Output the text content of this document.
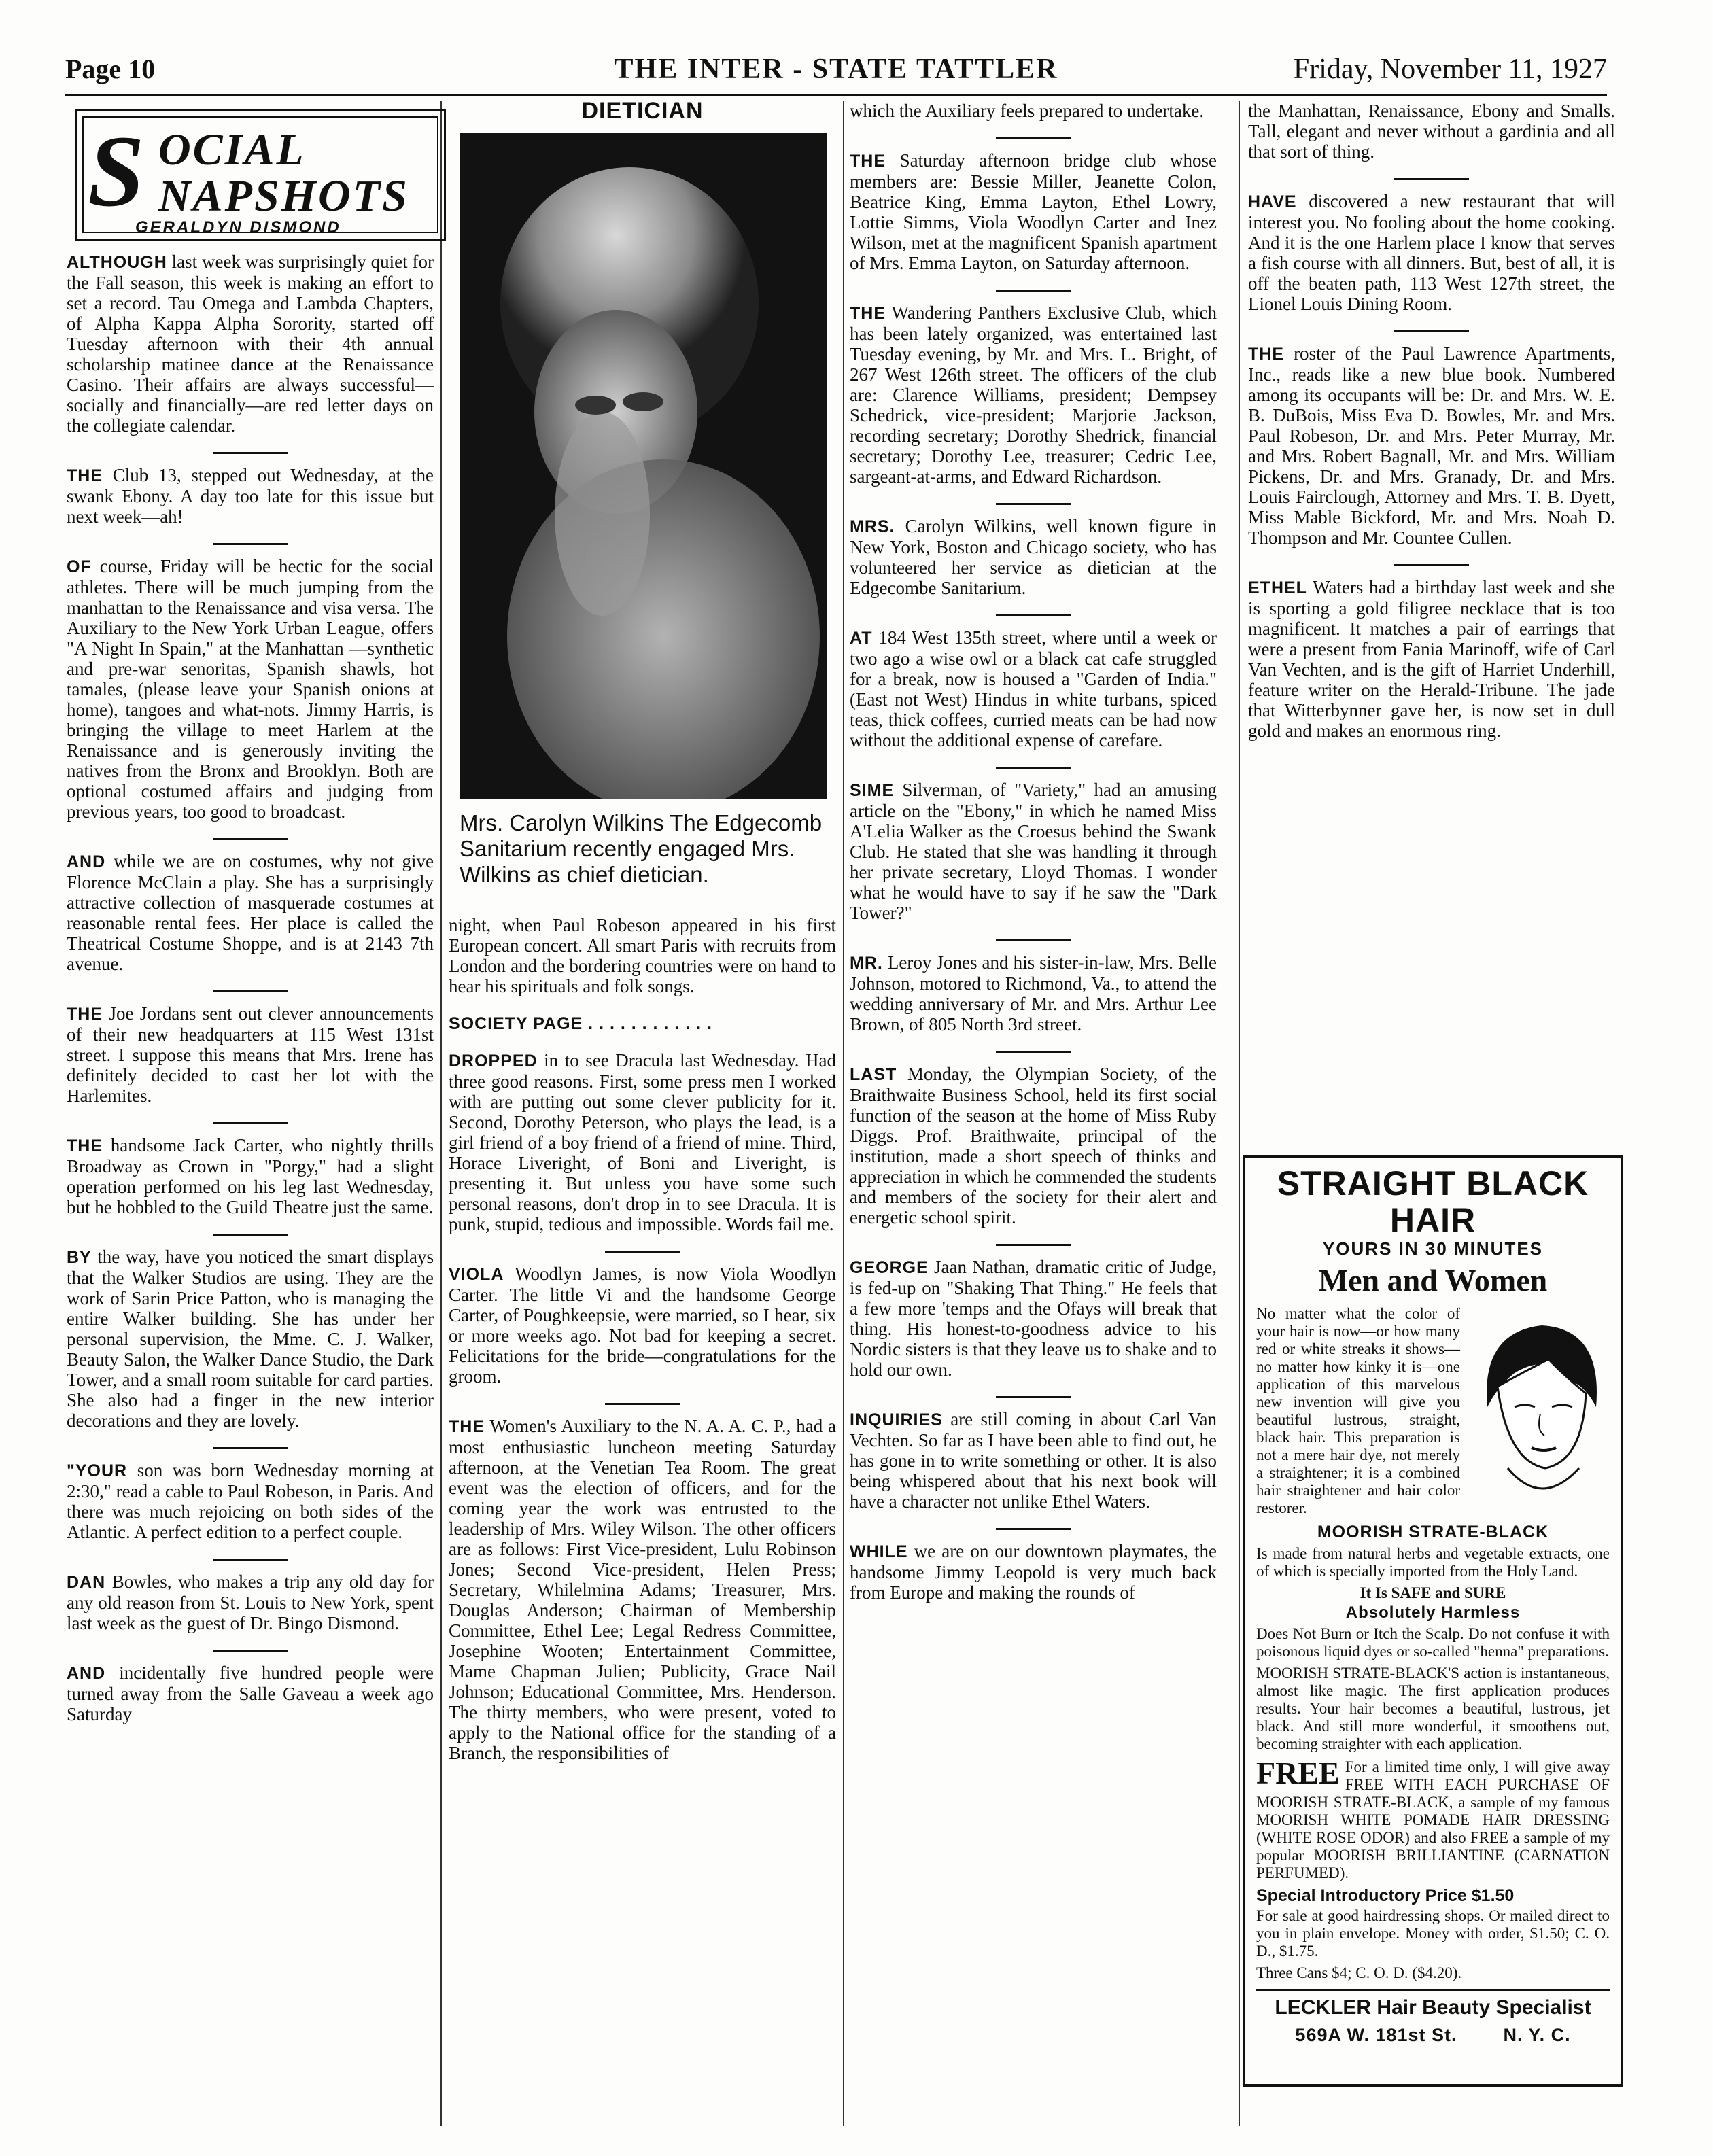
Page 10	THE INTER - STATE TATTLER	Friday, November 11, 1927
S OCIAL
NAPSHOTS
GERALDYN DISMOND

ALTHOUGH last week was surprisingly quiet for the Fall season, this week is making an effort to set a record. Tau Omega and Lambda Chapters, of Alpha Kappa Alpha Sorority, started off Tuesday afternoon with their 4th annual scholarship matinee dance at the Renaissance Casino. Their affairs are always successful—socially and financially—are red letter days on the collegiate calendar.

THE Club 13, stepped out Wednesday, at the swank Ebony. A day too late for this issue but next week—ah!

OF course, Friday will be hectic for the social athletes. There will be much jumping from the manhattan to the Renaissance and visa versa. The Auxiliary to the New York Urban League, offers "A Night In Spain," at the Manhattan —synthetic and pre-war senoritas, Spanish shawls, hot tamales, (please leave your Spanish onions at home), tangoes and what-nots. Jimmy Harris, is bringing the village to meet Harlem at the Renaissance and is generously inviting the natives from the Bronx and Brooklyn. Both are optional costumed affairs and judging from previous years, too good to broadcast.

AND while we are on costumes, why not give Florence McClain a play. She has a surprisingly attractive collection of masquerade costumes at reasonable rental fees. Her place is called the Theatrical Costume Shoppe, and is at 2143 7th avenue.

THE Joe Jordans sent out clever announcements of their new headquarters at 115 West 131st street. I suppose this means that Mrs. Irene has definitely decided to cast her lot with the Harlemites.

THE handsome Jack Carter, who nightly thrills Broadway as Crown in "Porgy," had a slight operation performed on his leg last Wednesday, but he hobbled to the Guild Theatre just the same.

BY the way, have you noticed the smart displays that the Walker Studios are using. They are the work of Sarin Price Patton, who is managing the entire Walker building. She has under her personal supervision, the Mme. C. J. Walker, Beauty Salon, the Walker Dance Studio, the Dark Tower, and a small room suitable for card parties. She also had a finger in the new interior decorations and they are lovely.

"YOUR son was born Wednesday morning at 2:30," read a cable to Paul Robeson, in Paris. And there was much rejoicing on both sides of the Atlantic. A perfect edition to a perfect couple.

DAN Bowles, who makes a trip any old day for any old reason from St. Louis to New York, spent last week as the guest of Dr. Bingo Dismond.

AND incidentally five hundred people were turned away from the Salle Gaveau a week ago Saturday

DIETICIAN
Mrs. Carolyn Wilkins The Edgecomb Sanitarium recently engaged Mrs. Wilkins as chief dietician.

night, when Paul Robeson appeared in his first European concert. All smart Paris with recruits from London and the bordering countries were on hand to hear his spirituals and folk songs.

SOCIETY PAGE . . . . . . . . . . . .

DROPPED in to see Dracula last Wednesday. Had three good reasons. First, some press men I worked with are putting out some clever publicity for it. Second, Dorothy Peterson, who plays the lead, is a girl friend of a boy friend of a friend of mine. Third, Horace Liveright, of Boni and Liveright, is presenting it. But unless you have some such personal reasons, don't drop in to see Dracula. It is punk, stupid, tedious and impossible. Words fail me.

VIOLA Woodlyn James, is now Viola Woodlyn Carter. The little Vi and the handsome George Carter, of Poughkeepsie, were married, so I hear, six or more weeks ago. Not bad for keeping a secret. Felicitations for the bride—congratulations for the groom.

THE Women's Auxiliary to the N. A. A. C. P., had a most enthusiastic luncheon meeting Saturday afternoon, at the Venetian Tea Room. The great event was the election of officers, and for the coming year the work was entrusted to the leadership of Mrs. Wiley Wilson. The other officers are as follows: First Vice-president, Lulu Robinson Jones; Second Vice-president, Helen Press; Secretary, Whilelmina Adams; Treasurer, Mrs. Douglas Anderson; Chairman of Membership Committee, Ethel Lee; Legal Redress Committee, Josephine Wooten; Entertainment Committee, Mame Chapman Julien; Publicity, Grace Nail Johnson; Educational Committee, Mrs. Henderson. The thirty members, who were present, voted to apply to the National office for the standing of a Branch, the responsibilities of

which the Auxiliary feels prepared to undertake.

THE Saturday afternoon bridge club whose members are: Bessie Miller, Jeanette Colon, Beatrice King, Emma Layton, Ethel Lowry, Lottie Simms, Viola Woodlyn Carter and Inez Wilson, met at the magnificent Spanish apartment of Mrs. Emma Layton, on Saturday afternoon.

THE Wandering Panthers Exclusive Club, which has been lately organized, was entertained last Tuesday evening, by Mr. and Mrs. L. Bright, of 267 West 126th street. The officers of the club are: Clarence Williams, president; Dempsey Schedrick, vice-president; Marjorie Jackson, recording secretary; Dorothy Shedrick, financial secretary; Dorothy Lee, treasurer; Cedric Lee, sargeant-at-arms, and Edward Richardson.

MRS. Carolyn Wilkins, well known figure in New York, Boston and Chicago society, who has volunteered her service as dietician at the Edgecombe Sanitarium.

AT 184 West 135th street, where until a week or two ago a wise owl or a black cat cafe struggled for a break, now is housed a "Garden of India." (East not West) Hindus in white turbans, spiced teas, thick coffees, curried meats can be had now without the additional expense of carefare.

SIME Silverman, of "Variety," had an amusing article on the "Ebony," in which he named Miss A'Lelia Walker as the Croesus behind the Swank Club. He stated that she was handling it through her private secretary, Lloyd Thomas. I wonder what he would have to say if he saw the "Dark Tower?"

MR. Leroy Jones and his sister-in-law, Mrs. Belle Johnson, motored to Richmond, Va., to attend the wedding anniversary of Mr. and Mrs. Arthur Lee Brown, of 805 North 3rd street.

LAST Monday, the Olympian Society, of the Braithwaite Business School, held its first social function of the season at the home of Miss Ruby Diggs. Prof. Braithwaite, principal of the institution, made a short speech of thinks and appreciation in which he commended the students and members of the society for their alert and energetic school spirit.

GEORGE Jaan Nathan, dramatic critic of Judge, is fed-up on "Shaking That Thing." He feels that a few more 'temps and the Ofays will break that thing. His honest-to-goodness advice to his Nordic sisters is that they leave us to shake and to hold our own.

INQUIRIES are still coming in about Carl Van Vechten. So far as I have been able to find out, he has gone in to write something or other. It is also being whispered about that his next book will have a character not unlike Ethel Waters.

WHILE we are on our downtown playmates, the handsome Jimmy Leopold is very much back from Europe and making the rounds of

the Manhattan, Renaissance, Ebony and Smalls. Tall, elegant and never without a gardinia and all that sort of thing.

HAVE discovered a new restaurant that will interest you. No fooling about the home cooking. And it is the one Harlem place I know that serves a fish course with all dinners. But, best of all, it is off the beaten path, 113 West 127th street, the Lionel Louis Dining Room.

THE roster of the Paul Lawrence Apartments, Inc., reads like a new blue book. Numbered among its occupants will be: Dr. and Mrs. W. E. B. DuBois, Miss Eva D. Bowles, Mr. and Mrs. Paul Robeson, Dr. and Mrs. Peter Murray, Mr. and Mrs. Robert Bagnall, Mr. and Mrs. William Pickens, Dr. and Mrs. Granady, Dr. and Mrs. Louis Fairclough, Attorney and Mrs. T. B. Dyett, Miss Mable Bickford, Mr. and Mrs. Noah D. Thompson and Mr. Countee Cullen.

ETHEL Waters had a birthday last week and she is sporting a gold filigree necklace that is too magnificent. It matches a pair of earrings that were a present from Fania Marinoff, wife of Carl Van Vechten, and is the gift of Harriet Underhill, feature writer on the Herald-Tribune. The jade that Witterbynner gave her, is now set in dull gold and makes an enormous ring.

STRAIGHT BLACK HAIR
YOURS IN 30 MINUTES
Men and Women
No matter what the color of your hair is now—or how many red or white streaks it shows—no matter how kinky it is—one application of this marvelous new invention will give you beautiful lustrous, straight, black hair. This preparation is not a mere hair dye, not merely a straightener; it is a combined hair straightener and hair color restorer.
MOORISH STRATE-BLACK
Is made from natural herbs and vegetable extracts, one of which is specially imported from the Holy Land.
It Is SAFE and SURE
Absolutely Harmless
Does Not Burn or Itch the Scalp. Do not confuse it with poisonous liquid dyes or so-called "henna" preparations.
MOORISH STRATE-BLACK'S action is instantaneous, almost like magic. The first application produces results. Your hair becomes a beautiful, lustrous, jet black. And still more wonderful, it smoothens out, becoming straighter with each application.
FREE For a limited time only, I will give away FREE WITH EACH PURCHASE OF MOORISH STRATE-BLACK, a sample of my famous MOORISH WHITE POMADE HAIR DRESSING (WHITE ROSE ODOR) and also FREE a sample of my popular MOORISH BRILLIANTINE (CARNATION PERFUMED).
Special Introductory Price $1.50
For sale at good hairdressing shops. Or mailed direct to you in plain envelope. Money with order, $1.50; C. O. D., $1.75.
Three Cans $4; C. O. D. ($4.20).
LECKLER Hair Beauty Specialist
569A W. 181st St.        N. Y. C.
